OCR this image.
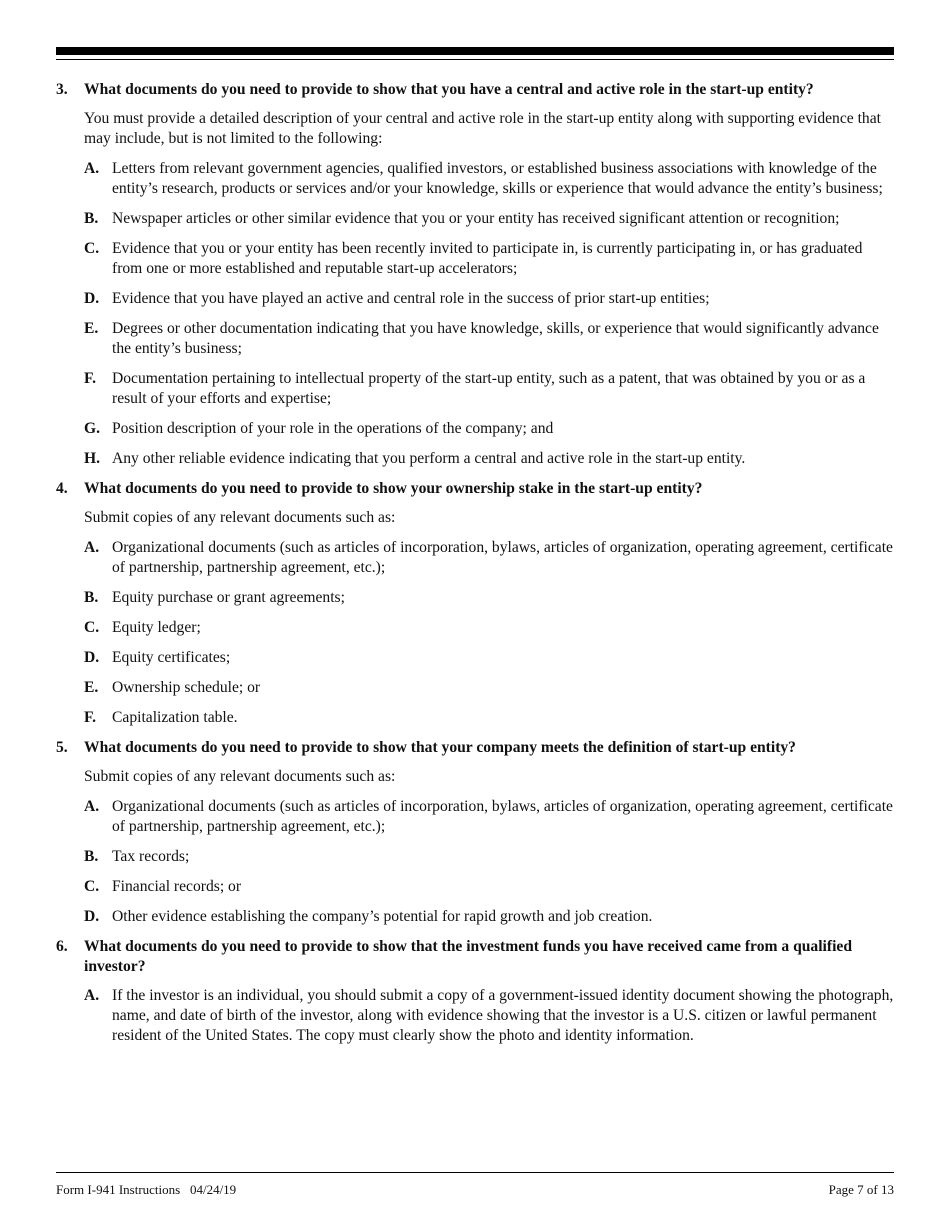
3.	What documents do you need to provide to show that you have a central and active role in the start-up entity?
You must provide a detailed description of your central and active role in the start-up entity along with supporting evidence that may include, but is not limited to the following:
A. Letters from relevant government agencies, qualified investors, or established business associations with knowledge of the entity’s research, products or services and/or your knowledge, skills or experience that would advance the entity’s business;
B. Newspaper articles or other similar evidence that you or your entity has received significant attention or recognition;
C. Evidence that you or your entity has been recently invited to participate in, is currently participating in, or has graduated from one or more established and reputable start-up accelerators;
D. Evidence that you have played an active and central role in the success of prior start-up entities;
E. Degrees or other documentation indicating that you have knowledge, skills, or experience that would significantly advance the entity’s business;
F.	Documentation pertaining to intellectual property of the start-up entity, such as a patent, that was obtained by you or as a result of your efforts and expertise;
G. Position description of your role in the operations of the company; and
H. Any other reliable evidence indicating that you perform a central and active role in the start-up entity.
4.	What documents do you need to provide to show your ownership stake in the start-up entity?
Submit copies of any relevant documents such as:
A. Organizational documents (such as articles of incorporation, bylaws, articles of organization, operating agreement, certificate of partnership, partnership agreement, etc.);
B. Equity purchase or grant agreements;
C. Equity ledger;
D. Equity certificates;
E. Ownership schedule; or
F.	Capitalization table.
5.	What documents do you need to provide to show that your company meets the definition of start-up entity?
Submit copies of any relevant documents such as:
A. Organizational documents (such as articles of incorporation, bylaws, articles of organization, operating agreement, certificate of partnership, partnership agreement, etc.);
B. Tax records;
C. Financial records; or
D. Other evidence establishing the company’s potential for rapid growth and job creation.
6.	What documents do you need to provide to show that the investment funds you have received came from a qualified investor?
A. If the investor is an individual, you should submit a copy of a government-issued identity document showing the photograph, name, and date of birth of the investor, along with evidence showing that the investor is a U.S. citizen or lawful permanent resident of the United States. The copy must clearly show the photo and identity information.
Form I-941 Instructions   04/24/19	Page 7 of 13
